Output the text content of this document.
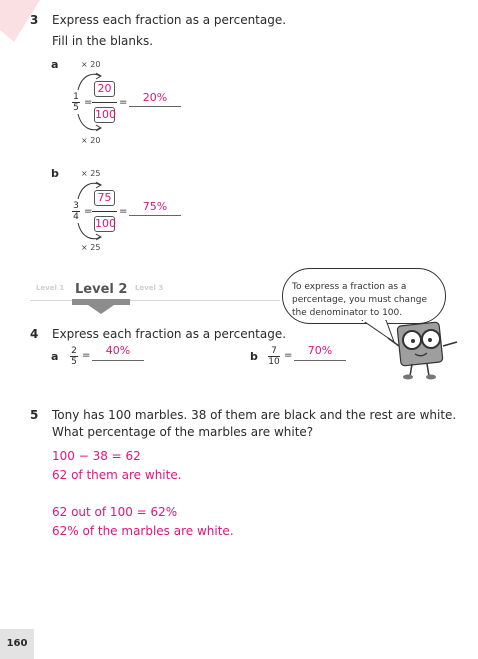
3 Express each fraction as a percentage.
Fill in the blanks.
a	× 20
$\frac{1}{5}$ =
20
100
=	20%
× 20
b	× 25
$\frac{3}{4}$ =
75
100
=	75%
× 25
Level 1 Level 2 Level 3	To express a fraction as a percentage, you must change the denominator to 100.
4 Express each fraction as a percentage.
a $\frac{2}{5}$ =	40%	b $\frac{7}{10}$ =	70%
5 Tony has 100 marbles. 38 of them are black and the rest are white.
What percentage of the marbles are white?
100 − 38 = 62
62 of them are white.
62 out of 100 = 62%
62% of the marbles are white.
160
